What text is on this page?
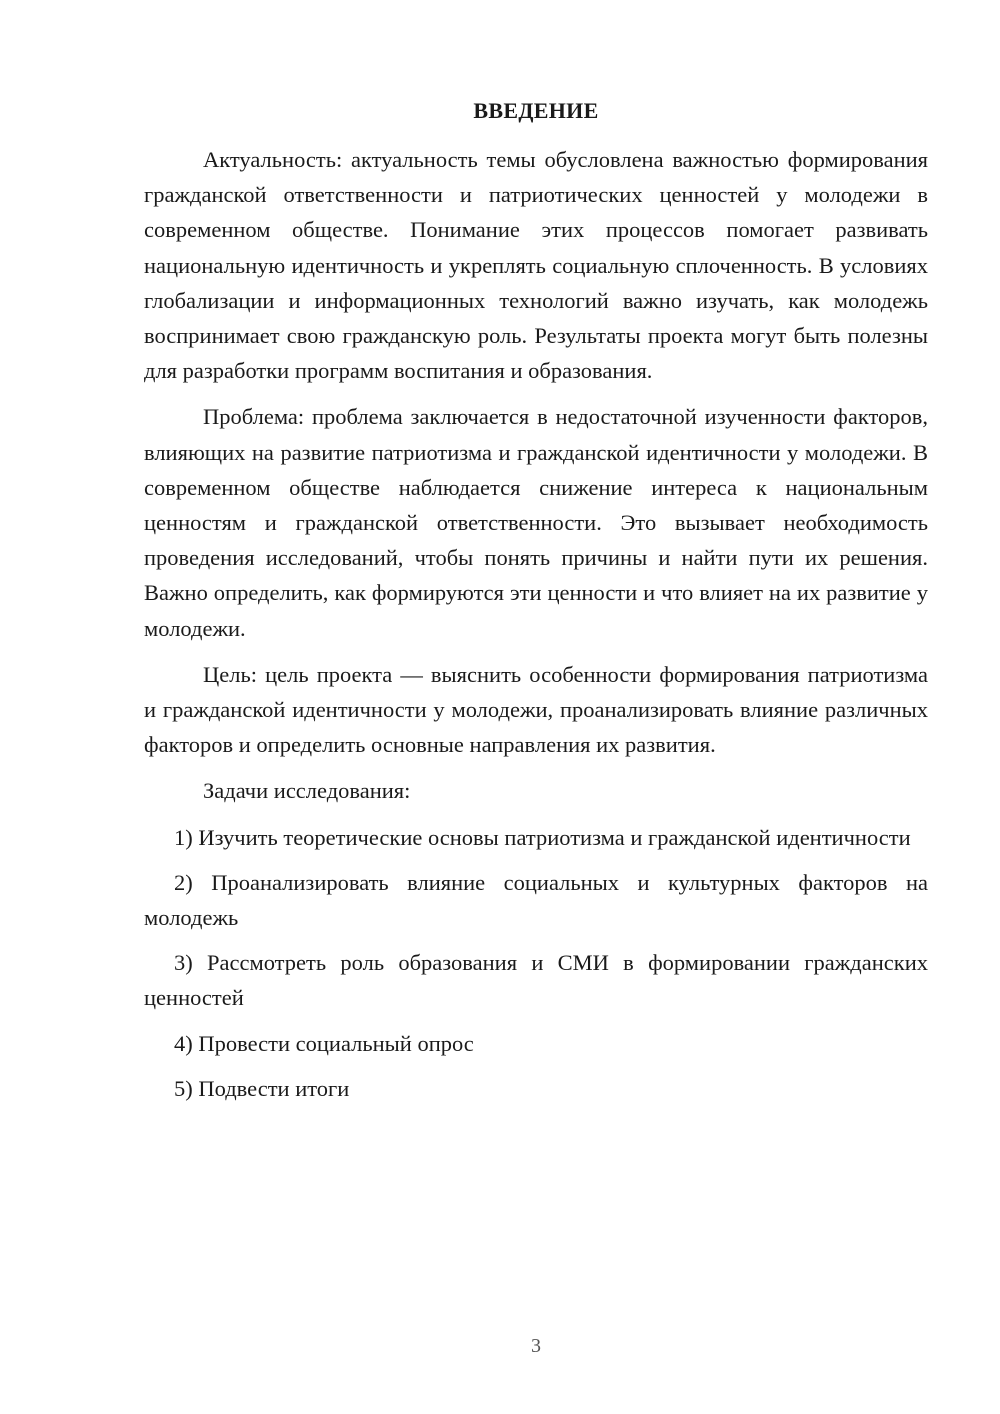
ВВЕДЕНИЕ

Актуальность: актуальность темы обусловлена важностью формирования гражданской ответственности и патриотических ценностей у молодежи в современном обществе. Понимание этих процессов помогает развивать национальную идентичность и укреплять социальную сплоченность. В условиях глобализации и информационных технологий важно изучать, как молодежь воспринимает свою гражданскую роль. Результаты проекта могут быть полезны для разработки программ воспитания и образования.

Проблема: проблема заключается в недостаточной изученности факторов, влияющих на развитие патриотизма и гражданской идентичности у молодежи. В современном обществе наблюдается снижение интереса к национальным ценностям и гражданской ответственности. Это вызывает необходимость проведения исследований, чтобы понять причины и найти пути их решения. Важно определить, как формируются эти ценности и что влияет на их развитие у молодежи.

Цель: цель проекта — выяснить особенности формирования патриотизма и гражданской идентичности у молодежи, проанализировать влияние различных факторов и определить основные направления их развития.

Задачи исследования:

1) Изучить теоретические основы патриотизма и гражданской идентичности

2) Проанализировать влияние социальных и культурных факторов на молодежь

3) Рассмотреть роль образования и СМИ в формировании гражданских ценностей

4) Провести социальный опрос

5) Подвести итоги

3
